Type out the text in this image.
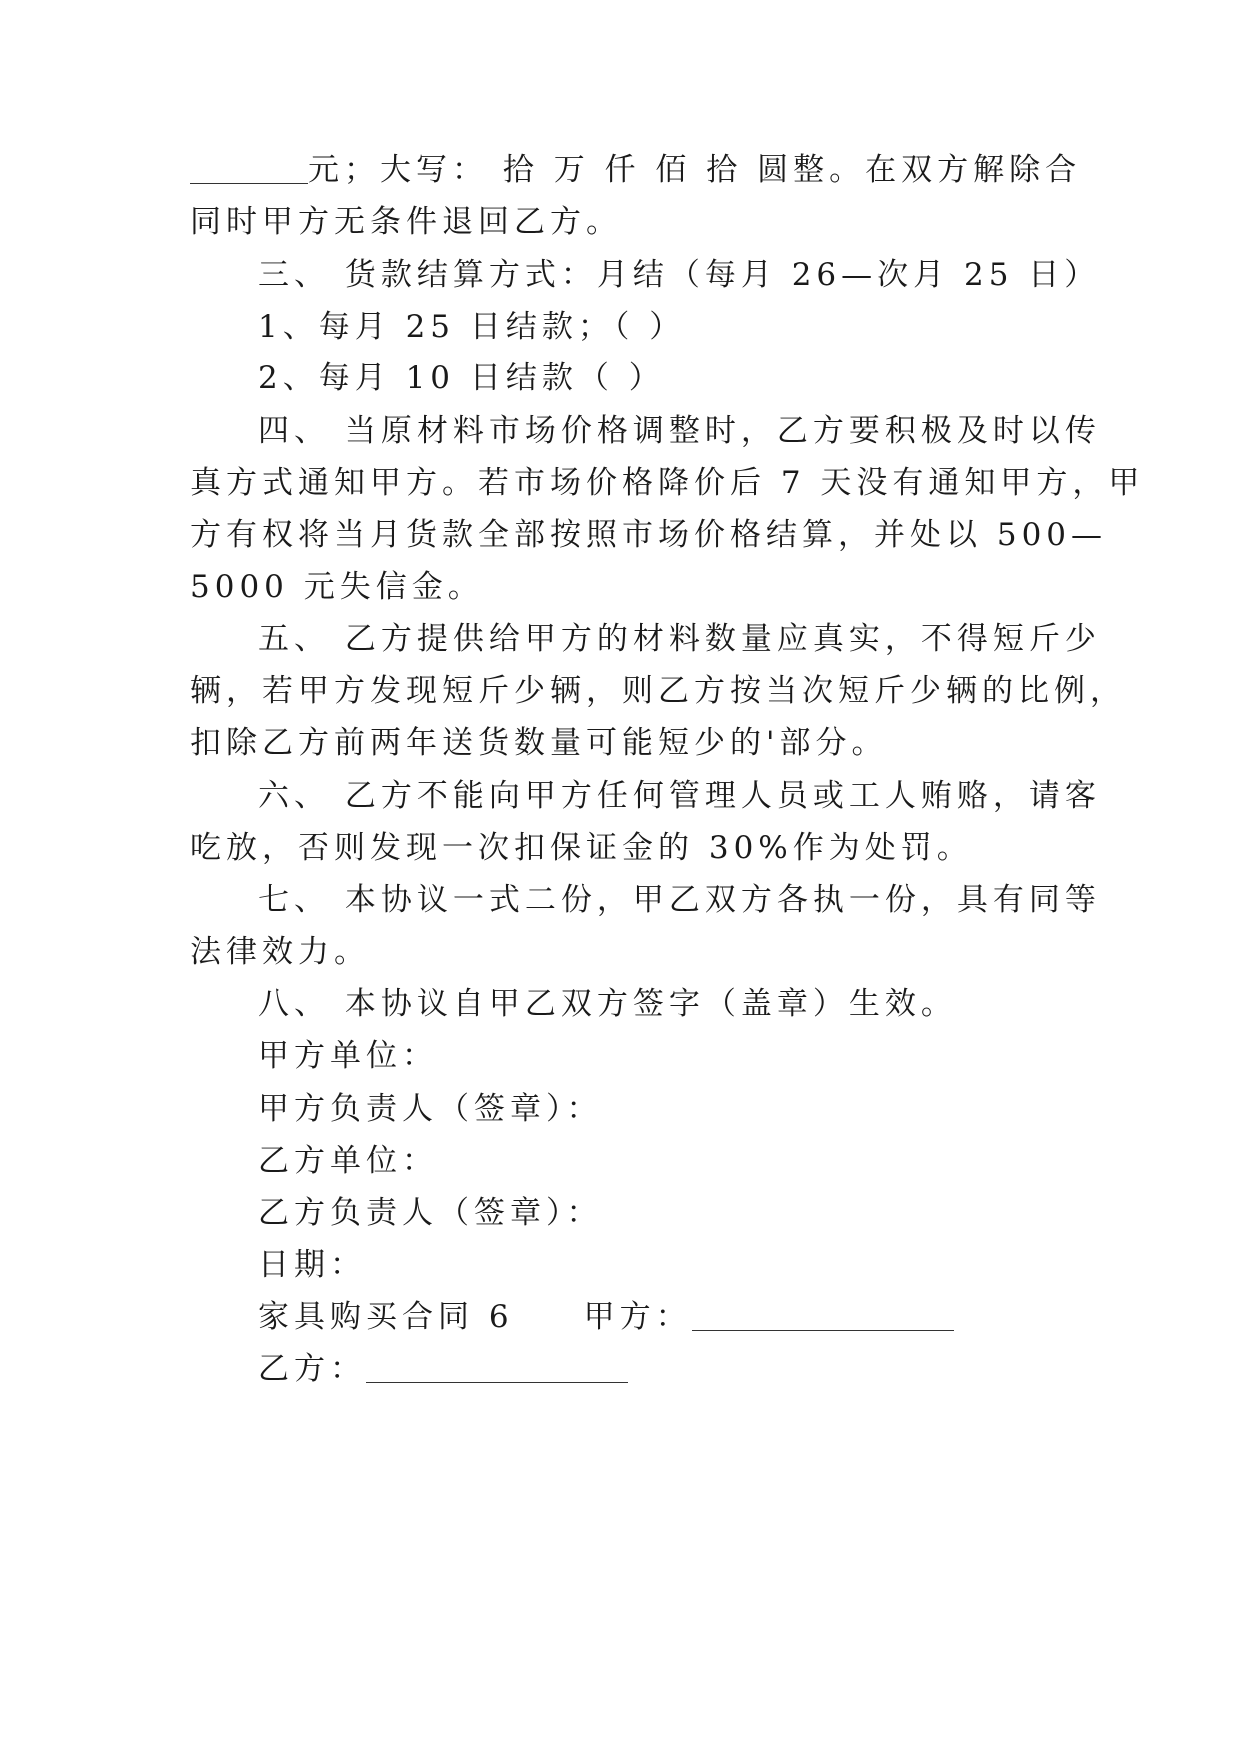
元；大写： 拾 万 仟 佰 拾 圆整。在双方解除合
同时甲方无条件退回乙方。
三、 货款结算方式：月结（每月 26—次月 25 日）
1、每月 25 日结款；（ ）
2、每月 10 日结款（ ）
四、 当原材料市场价格调整时，乙方要积极及时以传
真方式通知甲方。若市场价格降价后 7 天没有通知甲方，甲
方有权将当月货款全部按照市场价格结算，并处以 500—
5000 元失信金。
五、 乙方提供给甲方的材料数量应真实，不得短斤少
辆，若甲方发现短斤少辆，则乙方按当次短斤少辆的比例，
扣除乙方前两年送货数量可能短少的'部分。
六、 乙方不能向甲方任何管理人员或工人贿赂，请客
吃放，否则发现一次扣保证金的 30%作为处罚。
七、 本协议一式二份，甲乙双方各执一份，具有同等
法律效力。
八、 本协议自甲乙双方签字（盖章）生效。
甲方单位：
甲方负责人（签章）：
乙方单位：
乙方负责人（签章）：
日期：
家具购买合同 6 甲方：
乙方：
